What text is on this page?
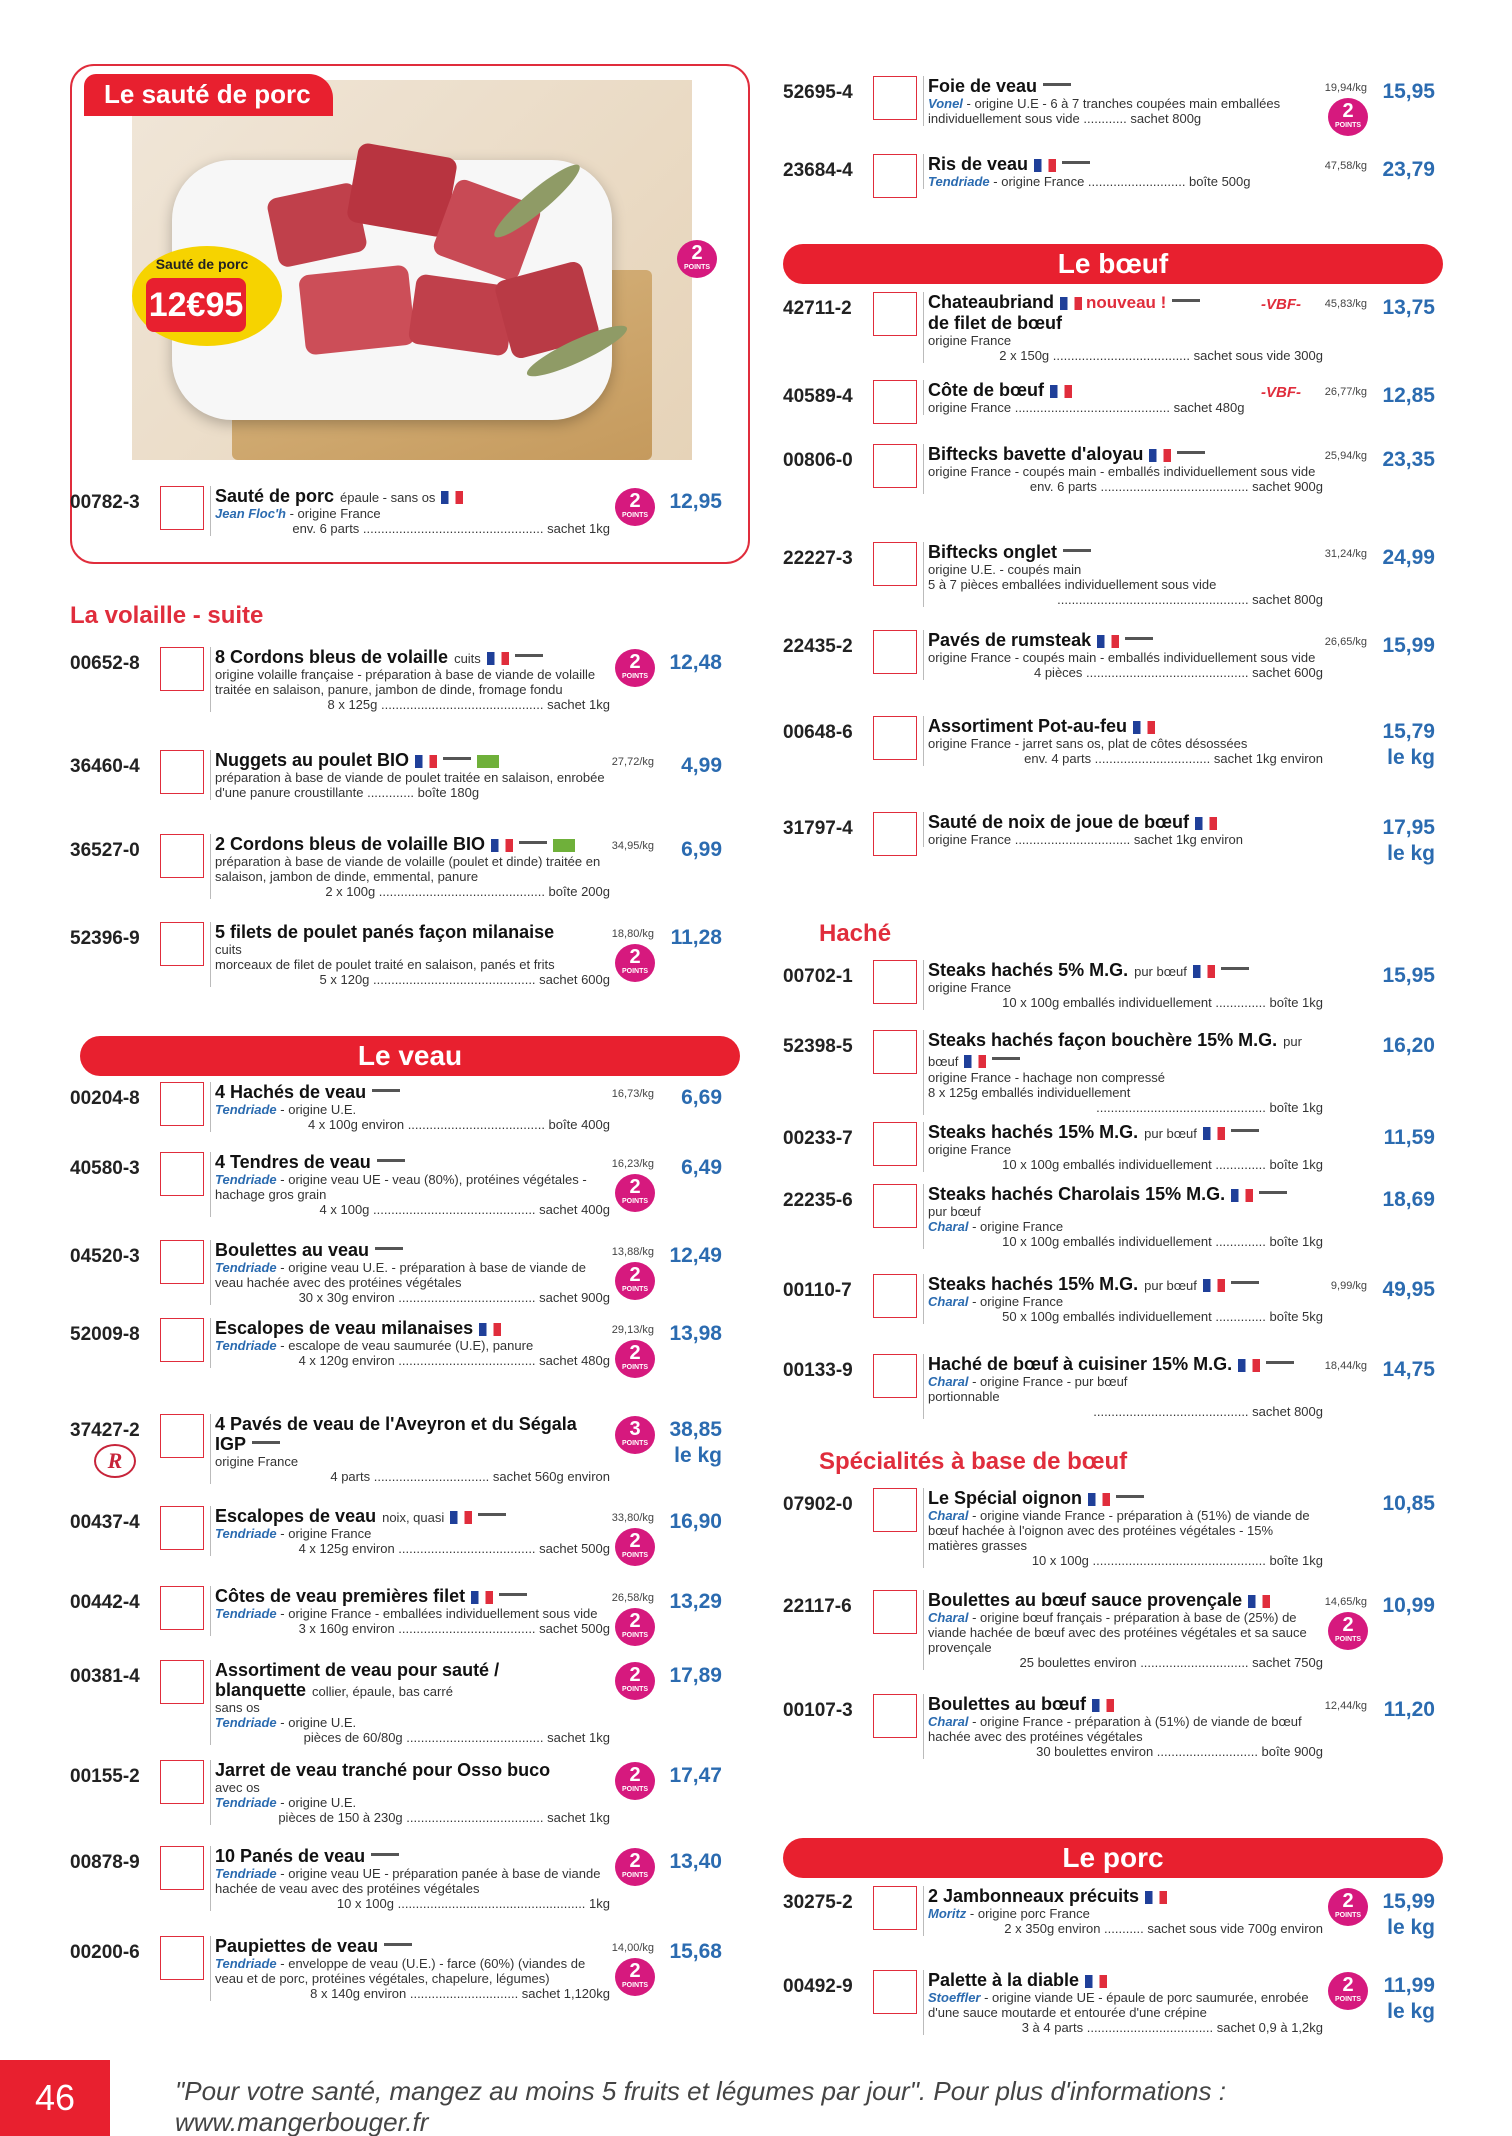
Le sauté de porc
Sauté de porc
12€95
2
POINTS
00782-3	Sauté de porc épaule - sans os
Jean Floc'h - origine France
env. 6 parts .................................................. sachet 1kg
2
POINTS
12,95
00652-8	8 Cordons bleus de volaille cuits
origine volaille française - préparation à base de viande de volaille traitée en salaison, panure, jambon de dinde, fromage fondu
8 x 125g ............................................. sachet 1kg
2
POINTS
12,48
36460-4	Nuggets au poulet BIO
préparation à base de viande de poulet traitée en salaison, enrobée d'une panure croustillante ............. boîte 180g
27,72/kg	4,99
36527-0	2 Cordons bleus de volaille BIO
préparation à base de viande de volaille (poulet et dinde) traitée en salaison, jambon de dinde, emmental, panure
2 x 100g .............................................. boîte 200g
34,95/kg	6,99
52396-9	5 filets de poulet panés façon milanaise
cuits
morceaux de filet de poulet traité en salaison, panés et frits
5 x 120g ............................................. sachet 600g
18,80/kg
2
POINTS
11,28
00204-8	4 Hachés de veau
Tendriade - origine U.E.
4 x 100g environ ...................................... boîte 400g
16,73/kg	6,69
40580-3	4 Tendres de veau
Tendriade - origine veau UE - veau (80%), protéines végétales - hachage gros grain
4 x 100g ............................................. sachet 400g
16,23/kg
2
POINTS
6,49
04520-3	Boulettes au veau
Tendriade - origine veau U.E. - préparation à base de viande de veau hachée avec des protéines végétales
30 x 30g environ ...................................... sachet 900g
13,88/kg
2
POINTS
12,49
52009-8	Escalopes de veau milanaises
Tendriade - escalope de veau saumurée (U.E), panure
4 x 120g environ ...................................... sachet 480g
29,13/kg
2
POINTS
13,98
37427-2	4 Pavés de veau de l'Aveyron et du Ségala IGP
origine France
4 parts ................................ sachet 560g environ
3
POINTS
38,85
le kg
R
00437-4	Escalopes de veau noix, quasi
Tendriade - origine France
4 x 125g environ ...................................... sachet 500g
33,80/kg
2
POINTS
16,90
00442-4	Côtes de veau premières filet
Tendriade - origine France - emballées individuellement sous vide
3 x 160g environ ...................................... sachet 500g
26,58/kg
2
POINTS
13,29
00381-4	Assortiment de veau pour sauté / blanquette collier, épaule, bas carré
sans os
Tendriade - origine U.E.
pièces de 60/80g ...................................... sachet 1kg
2
POINTS
17,89
00155-2	Jarret de veau tranché pour Osso buco
avec os
Tendriade - origine U.E.
pièces de 150 à 230g ...................................... sachet 1kg
2
POINTS
17,47
00878-9	10 Panés de veau
Tendriade - origine veau UE - préparation panée à base de viande hachée de veau avec des protéines végétales
10 x 100g .................................................... 1kg
2
POINTS
13,40
00200-6	Paupiettes de veau
Tendriade - enveloppe de veau (U.E.) - farce (60%) (viandes de veau et de porc, protéines végétales, chapelure, légumes)
8 x 140g environ .............................. sachet 1,120kg
14,00/kg
2
POINTS
15,68
La volaille - suite
Le veau
52695-4	Foie de veau
Vonel - origine U.E - 6 à 7 tranches coupées main emballées individuellement sous vide ............ sachet 800g
19,94/kg
2
POINTS
15,95
23684-4	Ris de veau
Tendriade - origine France ........................... boîte 500g
47,58/kg 23,79
42711-2	Chateaubriand nouveau !
de filet de bœuf
origine France
2 x 150g ...................................... sachet sous vide 300g
-VBF-	45,83/kg 13,75
40589-4	Côte de bœuf
origine France ........................................... sachet 480g
-VBF-	26,77/kg 12,85
00806-0	Biftecks bavette d'aloyau
origine France - coupés main - emballés individuellement sous vide
env. 6 parts ......................................... sachet 900g
25,94/kg 23,35
22227-3	Biftecks onglet
origine U.E. - coupés main
5 à 7 pièces emballées individuellement sous vide
..................................................... sachet 800g
31,24/kg 24,99
22435-2	Pavés de rumsteak
origine France - coupés main - emballés individuellement sous vide
4 pièces ............................................. sachet 600g
26,65/kg 15,99
00648-6	Assortiment Pot-au-feu
origine France - jarret sans os, plat de côtes désossées
env. 4 parts ................................ sachet 1kg environ
15,79
le kg
31797-4	Sauté de noix de joue de bœuf
origine France ................................ sachet 1kg environ
17,95
le kg
00702-1	Steaks hachés 5% M.G. pur bœuf
origine France
10 x 100g emballés individuellement .............. boîte 1kg
15,95
52398-5	Steaks hachés façon bouchère 15% M.G. pur bœuf
origine France - hachage non compressé
8 x 125g emballés individuellement
............................................... boîte 1kg
16,20
00233-7	Steaks hachés 15% M.G. pur bœuf
origine France
10 x 100g emballés individuellement .............. boîte 1kg
11,59
22235-6	Steaks hachés Charolais 15% M.G.
pur bœuf
Charal - origine France
10 x 100g emballés individuellement .............. boîte 1kg
18,69
00110-7	Steaks hachés 15% M.G. pur bœuf
Charal - origine France
50 x 100g emballés individuellement .............. boîte 5kg
9,99/kg 49,95
00133-9	Haché de bœuf à cuisiner 15% M.G.
Charal - origine France - pur bœuf
portionnable
........................................... sachet 800g
18,44/kg 14,75
07902-0	Le Spécial oignon
Charal - origine viande France - préparation à (51%) de viande de bœuf hachée à l'oignon avec des protéines végétales - 15% matières grasses
10 x 100g ................................................ boîte 1kg
10,85
22117-6	Boulettes au bœuf sauce provençale
Charal - origine bœuf français - préparation à base de (25%) de viande hachée de bœuf avec des protéines végétales et sa sauce provençale
25 boulettes environ .............................. sachet 750g
14,65/kg
2
POINTS
10,99
00107-3	Boulettes au bœuf
Charal - origine France - préparation à (51%) de viande de bœuf hachée avec des protéines végétales
30 boulettes environ ............................ boîte 900g
12,44/kg 11,20
30275-2	2 Jambonneaux précuits
Moritz - origine porc France
2 x 350g environ ........... sachet sous vide 700g environ
2
POINTS
15,99
le kg
00492-9	Palette à la diable
Stoeffler - origine viande UE - épaule de porc saumurée, enrobée d'une sauce moutarde et entourée d'une crépine
3 à 4 parts ................................... sachet 0,9 à 1,2kg
2
POINTS
11,99
le kg
Le bœuf
Haché
Spécialités à base de bœuf
Le porc
46	"Pour votre santé, mangez au moins 5 fruits et légumes par jour". Pour plus d'informations : www.mangerbouger.fr
